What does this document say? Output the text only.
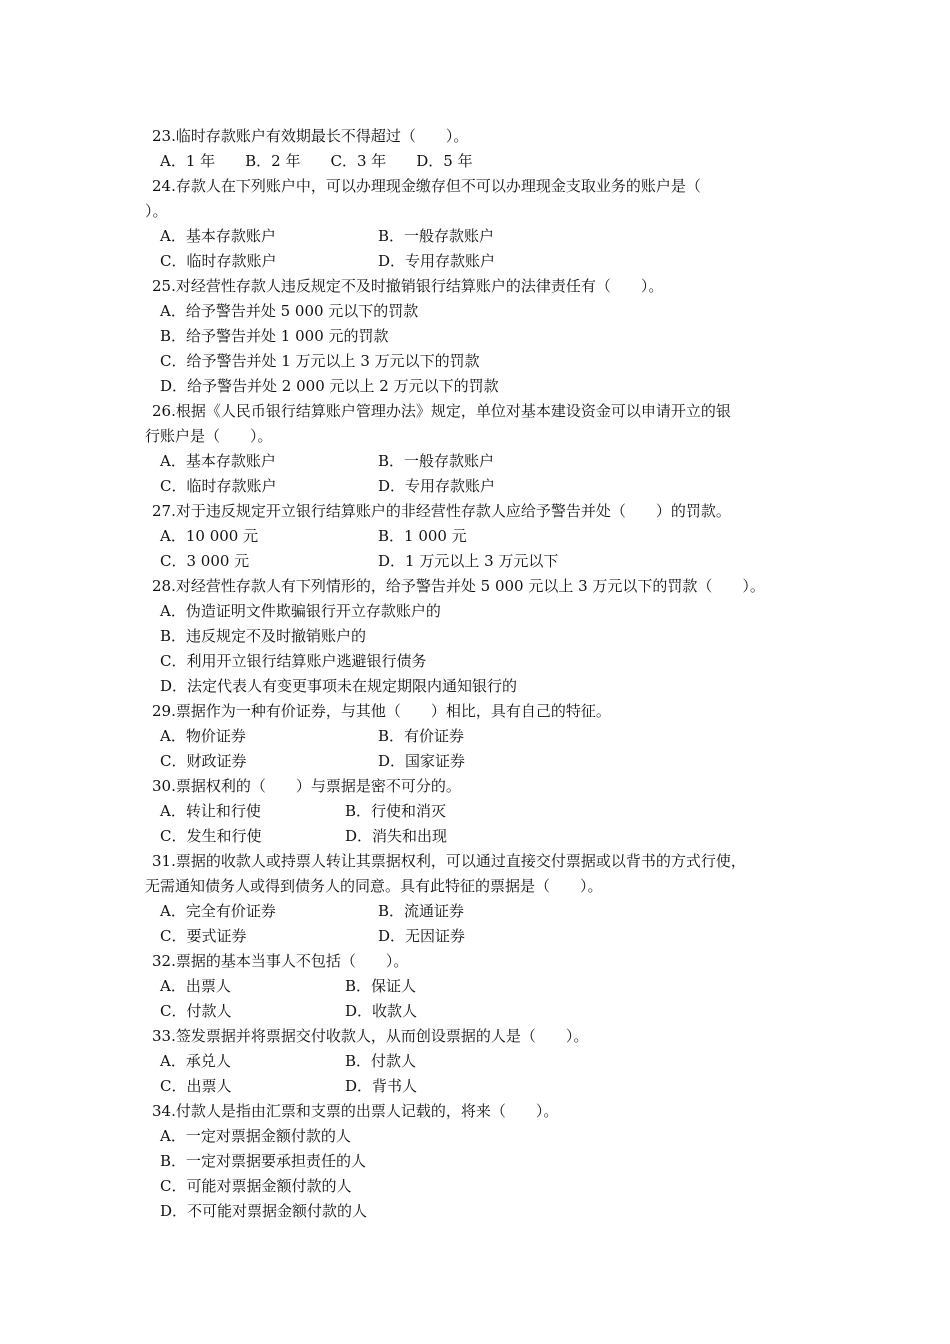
23.临时存款账户有效期最长不得超过（　　）。
A．1 年　　B．2 年　　C．3 年　　D．5 年
24.存款人在下列账户中，可以办理现金缴存但不可以办理现金支取业务的账户是（
）。
A．基本存款账户	B．一般存款账户
C．临时存款账户	D．专用存款账户
25.对经营性存款人违反规定不及时撤销银行结算账户的法律责任有（　　）。
A．给予警告并处 5 000 元以下的罚款
B．给予警告并处 1 000 元的罚款
C．给予警告并处 1 万元以上 3 万元以下的罚款
D．给予警告并处 2 000 元以上 2 万元以下的罚款
26.根据《人民币银行结算账户管理办法》规定，单位对基本建设资金可以申请开立的银
行账户是（　　）。
A．基本存款账户	B．一般存款账户
C．临时存款账户	D．专用存款账户
27.对于违反规定开立银行结算账户的非经营性存款人应给予警告并处（　　）的罚款。
A．10 000 元	B．1 000 元
C．3 000 元	D．1 万元以上 3 万元以下
28.对经营性存款人有下列情形的，给予警告并处 5 000 元以上 3 万元以下的罚款（　　）。
A．伪造证明文件欺骗银行开立存款账户的
B．违反规定不及时撤销账户的
C．利用开立银行结算账户逃避银行债务
D．法定代表人有变更事项未在规定期限内通知银行的
29.票据作为一种有价证券，与其他（　　）相比，具有自己的特征。
A．物价证券	B．有价证券
C．财政证券	D．国家证券
30.票据权利的（　　）与票据是密不可分的。
A．转让和行使	B．行使和消灭
C．发生和行使	D．消失和出现
31.票据的收款人或持票人转让其票据权利，可以通过直接交付票据或以背书的方式行使，
无需通知债务人或得到债务人的同意。具有此特征的票据是（　　）。
A．完全有价证券	B．流通证券
C．要式证券	D．无因证券
32.票据的基本当事人不包括（　　）。
A．出票人	B．保证人
C．付款人	D．收款人
33.签发票据并将票据交付收款人，从而创设票据的人是（　　）。
A．承兑人	B．付款人
C．出票人	D．背书人
34.付款人是指由汇票和支票的出票人记载的，将来（　　）。
A．一定对票据金额付款的人
B．一定对票据要承担责任的人
C．可能对票据金额付款的人
D．不可能对票据金额付款的人
